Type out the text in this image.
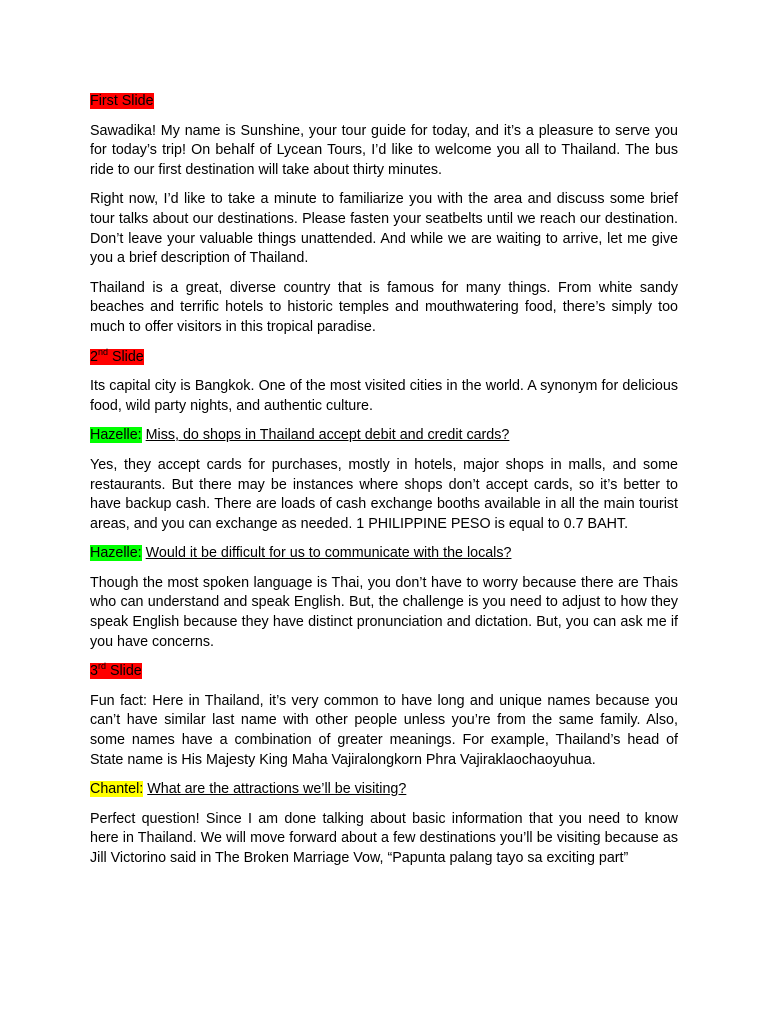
First Slide

Sawadika! My name is Sunshine, your tour guide for today, and it’s a pleasure to serve you for today’s trip! On behalf of Lycean Tours, I’d like to welcome you all to Thailand. The bus ride to our first destination will take about thirty minutes.

Right now, I’d like to take a minute to familiarize you with the area and discuss some brief tour talks about our destinations. Please fasten your seatbelts until we reach our destination. Don’t leave your valuable things unattended. And while we are waiting to arrive, let me give you a brief description of Thailand.

Thailand is a great, diverse country that is famous for many things. From white sandy beaches and terrific hotels to historic temples and mouthwatering food, there’s simply too much to offer visitors in this tropical paradise.

2nd Slide

Its capital city is Bangkok. One of the most visited cities in the world. A synonym for delicious food, wild party nights, and authentic culture.

Hazelle: Miss, do shops in Thailand accept debit and credit cards?

Yes, they accept cards for purchases, mostly in hotels, major shops in malls, and some restaurants. But there may be instances where shops don’t accept cards, so it’s better to have backup cash. There are loads of cash exchange booths available in all the main tourist areas, and you can exchange as needed. 1 PHILIPPINE PESO is equal to 0.7 BAHT.

Hazelle: Would it be difficult for us to communicate with the locals?

Though the most spoken language is Thai, you don’t have to worry because there are Thais who can understand and speak English. But, the challenge is you need to adjust to how they speak English because they have distinct pronunciation and dictation. But, you can ask me if you have concerns.

3rd Slide

Fun fact: Here in Thailand, it’s very common to have long and unique names because you can’t have similar last name with other people unless you’re from the same family. Also, some names have a combination of greater meanings. For example, Thailand’s head of State name is His Majesty King Maha Vajiralongkorn Phra Vajiraklaochaoyuhua.

Chantel: What are the attractions we’ll be visiting?

Perfect question! Since I am done talking about basic information that you need to know here in Thailand. We will move forward about a few destinations you’ll be visiting because as Jill Victorino said in The Broken Marriage Vow, “Papunta palang tayo sa exciting part”
